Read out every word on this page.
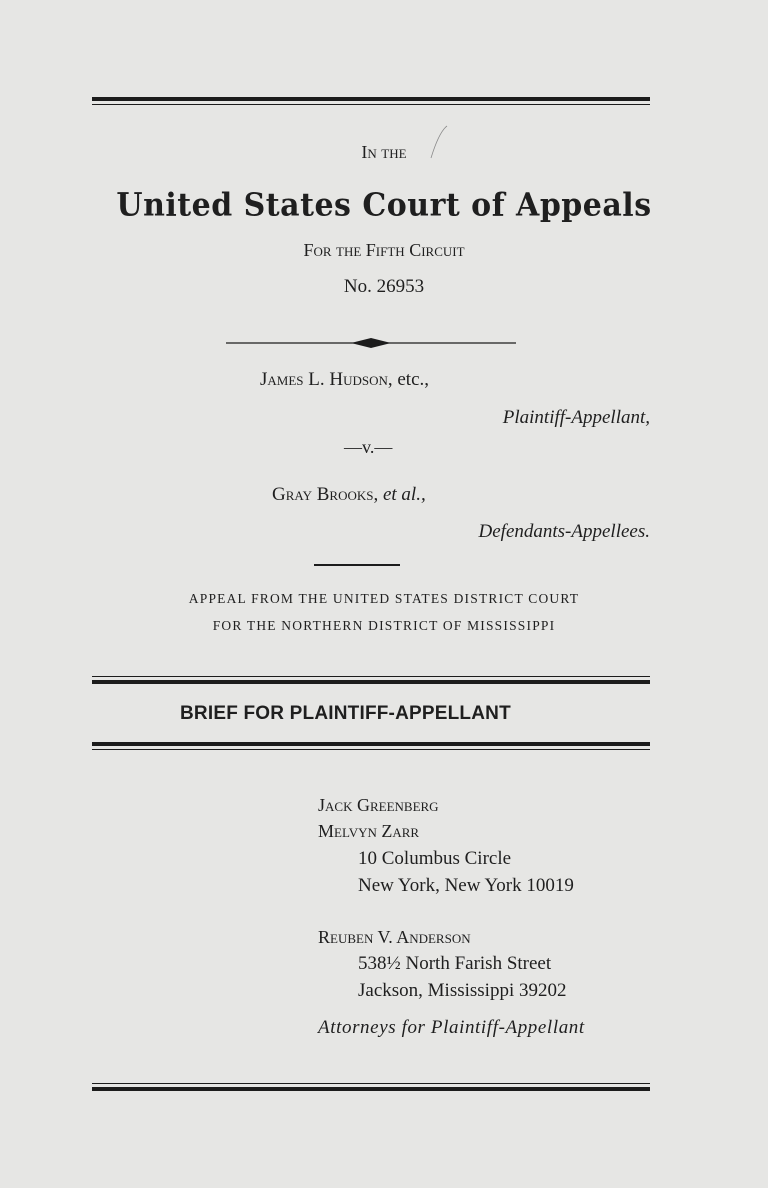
In the
United States Court of Appeals
For the Fifth Circuit
No. 26953
James L. Hudson, etc.,
Plaintiff-Appellant,
—v.—
Gray Brooks, et al.,
Defendants-Appellees.
APPEAL FROM THE UNITED STATES DISTRICT COURT
FOR THE NORTHERN DISTRICT OF MISSISSIPPI
BRIEF FOR PLAINTIFF-APPELLANT
Jack Greenberg
Melvyn Zarr
10 Columbus Circle
New York, New York 10019
Reuben V. Anderson
538½ North Farish Street
Jackson, Mississippi 39202
Attorneys for Plaintiff-Appellant
